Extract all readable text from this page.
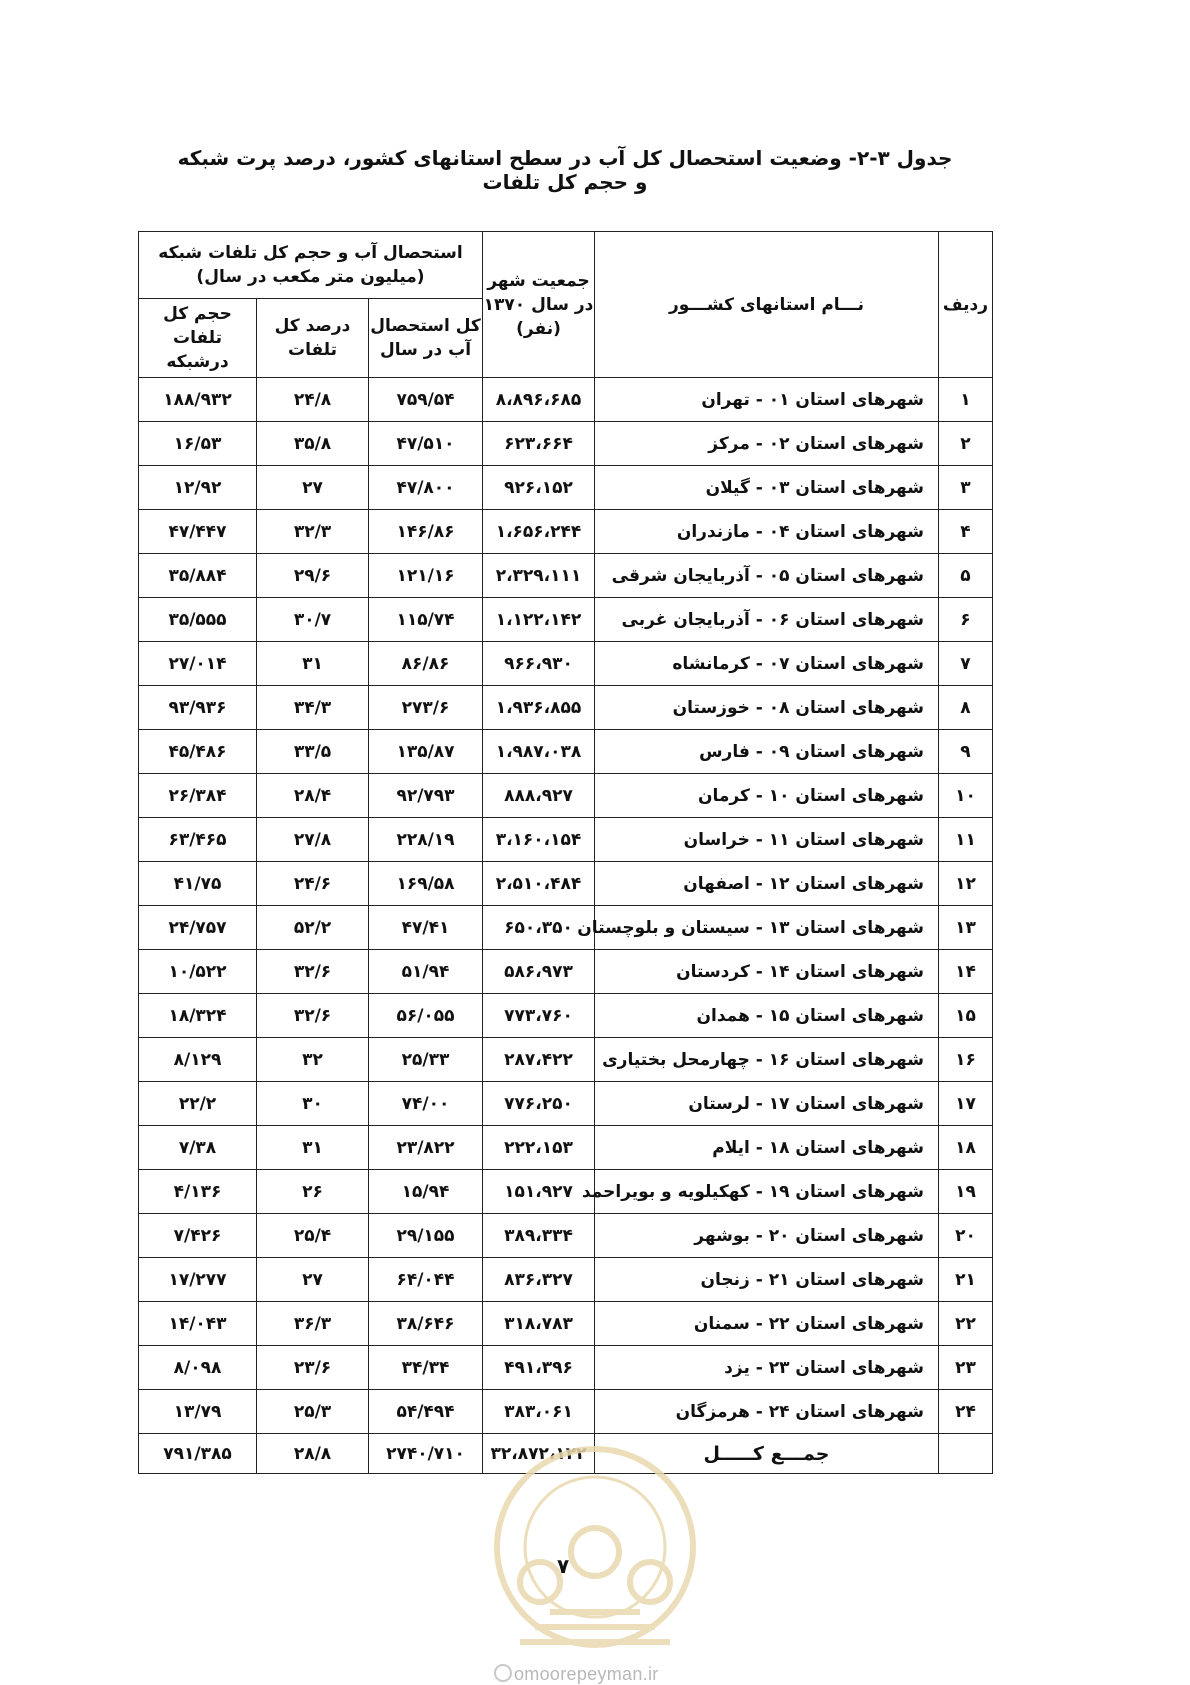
جدول ۳-۲- وضعیت استحصال کل آب در سطح استانهای کشور، درصد پرت شبکه و حجم کل تلفات
ردیف	نـــام استانهای کشـــور	جمعیت شهر در سال ۱۳۷۰ (نفر)	استحصال آب و حجم کل تلفات شبکه (میلیون متر مکعب در سال)		
			کل استحصال آب در سال	درصد کل تلفات	حجم کل تلفات درشبکه
۱	شهرهای استان ۰۱ - تهران	۸،۸۹۶،۶۸۵	۷۵۹/۵۴	۲۴/۸	۱۸۸/۹۳۲
۲	شهرهای استان ۰۲ - مرکز	۶۲۳،۶۶۴	۴۷/۵۱۰	۳۵/۸	۱۶/۵۳
۳	شهرهای استان ۰۳ - گیلان	۹۲۶،۱۵۲	۴۷/۸۰۰	۲۷	۱۲/۹۲
۴	شهرهای استان ۰۴ - مازندران	۱،۶۵۶،۲۴۴	۱۴۶/۸۶	۳۲/۳	۴۷/۴۴۷
۵	شهرهای استان ۰۵ - آذربایجان شرقی	۲،۳۲۹،۱۱۱	۱۲۱/۱۶	۲۹/۶	۳۵/۸۸۴
۶	شهرهای استان ۰۶ - آذربایجان غربی	۱،۱۲۲،۱۴۲	۱۱۵/۷۴	۳۰/۷	۳۵/۵۵۵
۷	شهرهای استان ۰۷ - کرمانشاه	۹۶۶،۹۳۰	۸۶/۸۶	۳۱	۲۷/۰۱۴
۸	شهرهای استان ۰۸ - خوزستان	۱،۹۳۶،۸۵۵	۲۷۳/۶	۳۴/۳	۹۳/۹۳۶
۹	شهرهای استان ۰۹ - فارس	۱،۹۸۷،۰۳۸	۱۳۵/۸۷	۳۳/۵	۴۵/۴۸۶
۱۰	شهرهای استان ۱۰ - کرمان	۸۸۸،۹۲۷	۹۲/۷۹۳	۲۸/۴	۲۶/۳۸۴
۱۱	شهرهای استان ۱۱ - خراسان	۳،۱۶۰،۱۵۴	۲۲۸/۱۹	۲۷/۸	۶۳/۴۶۵
۱۲	شهرهای استان ۱۲ - اصفهان	۲،۵۱۰،۴۸۴	۱۶۹/۵۸	۲۴/۶	۴۱/۷۵
۱۳	شهرهای استان ۱۳ - سیستان و بلوچستان	۶۵۰،۳۵۰	۴۷/۴۱	۵۲/۲	۲۴/۷۵۷
۱۴	شهرهای استان ۱۴ - کردستان	۵۸۶،۹۷۳	۵۱/۹۴	۳۲/۶	۱۰/۵۲۲
۱۵	شهرهای استان ۱۵ - همدان	۷۷۳،۷۶۰	۵۶/۰۵۵	۳۲/۶	۱۸/۳۲۴
۱۶	شهرهای استان ۱۶ - چهارمحل بختیاری	۲۸۷،۴۲۲	۲۵/۳۳	۳۲	۸/۱۲۹
۱۷	شهرهای استان ۱۷ - لرستان	۷۷۶،۲۵۰	۷۴/۰۰	۳۰	۲۲/۲
۱۸	شهرهای استان ۱۸ - ایلام	۲۲۲،۱۵۳	۲۳/۸۲۲	۳۱	۷/۳۸
۱۹	شهرهای استان ۱۹ - کهکیلویه و بویراحمد	۱۵۱،۹۲۷	۱۵/۹۴	۲۶	۴/۱۳۶
۲۰	شهرهای استان ۲۰ - بوشهر	۳۸۹،۳۳۴	۲۹/۱۵۵	۲۵/۴	۷/۴۲۶
۲۱	شهرهای استان ۲۱ - زنجان	۸۳۶،۳۲۷	۶۴/۰۴۴	۲۷	۱۷/۲۷۷
۲۲	شهرهای استان ۲۲ - سمنان	۳۱۸،۷۸۳	۳۸/۶۴۶	۳۶/۳	۱۴/۰۴۳
۲۳	شهرهای استان ۲۳ - یزد	۴۹۱،۳۹۶	۳۴/۳۴	۲۳/۶	۸/۰۹۸
۲۴	شهرهای استان ۲۴ - هرمزگان	۳۸۳،۰۶۱	۵۴/۴۹۴	۲۵/۳	۱۳/۷۹
	جمـــع کـــــل	۳۲،۸۷۲،۱۲۲	۲۷۴۰/۷۱۰	۲۸/۸	۷۹۱/۳۸۵
۷
omoorepeyman.ir
